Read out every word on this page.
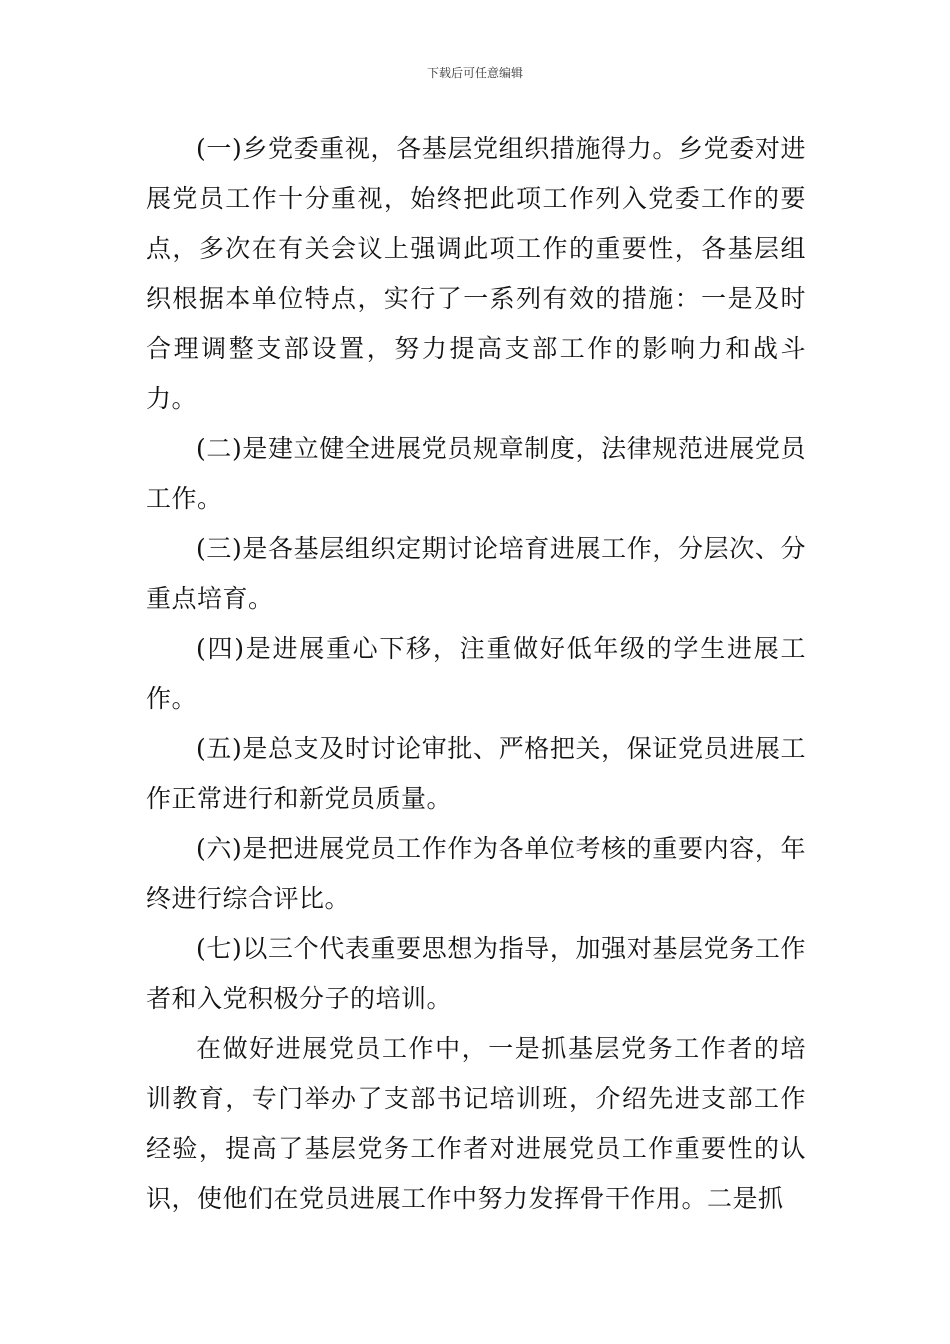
下载后可任意编辑

(一)乡党委重视，各基层党组织措施得力。乡党委对进展党员工作十分重视，始终把此项工作列入党委工作的要点，多次在有关会议上强调此项工作的重要性，各基层组织根据本单位特点，实行了一系列有效的措施：一是及时合理调整支部设置，努力提高支部工作的影响力和战斗力。

(二)是建立健全进展党员规章制度，法律规范进展党员工作。

(三)是各基层组织定期讨论培育进展工作，分层次、分重点培育。

(四)是进展重心下移，注重做好低年级的学生进展工作。

(五)是总支及时讨论审批、严格把关，保证党员进展工作正常进行和新党员质量。

(六)是把进展党员工作作为各单位考核的重要内容，年终进行综合评比。

(七)以三个代表重要思想为指导，加强对基层党务工作者和入党积极分子的培训。

在做好进展党员工作中，一是抓基层党务工作者的培训教育，专门举办了支部书记培训班，介绍先进支部工作经验，提高了基层党务工作者对进展党员工作重要性的认识，使他们在党员进展工作中努力发挥骨干作用。二是抓
